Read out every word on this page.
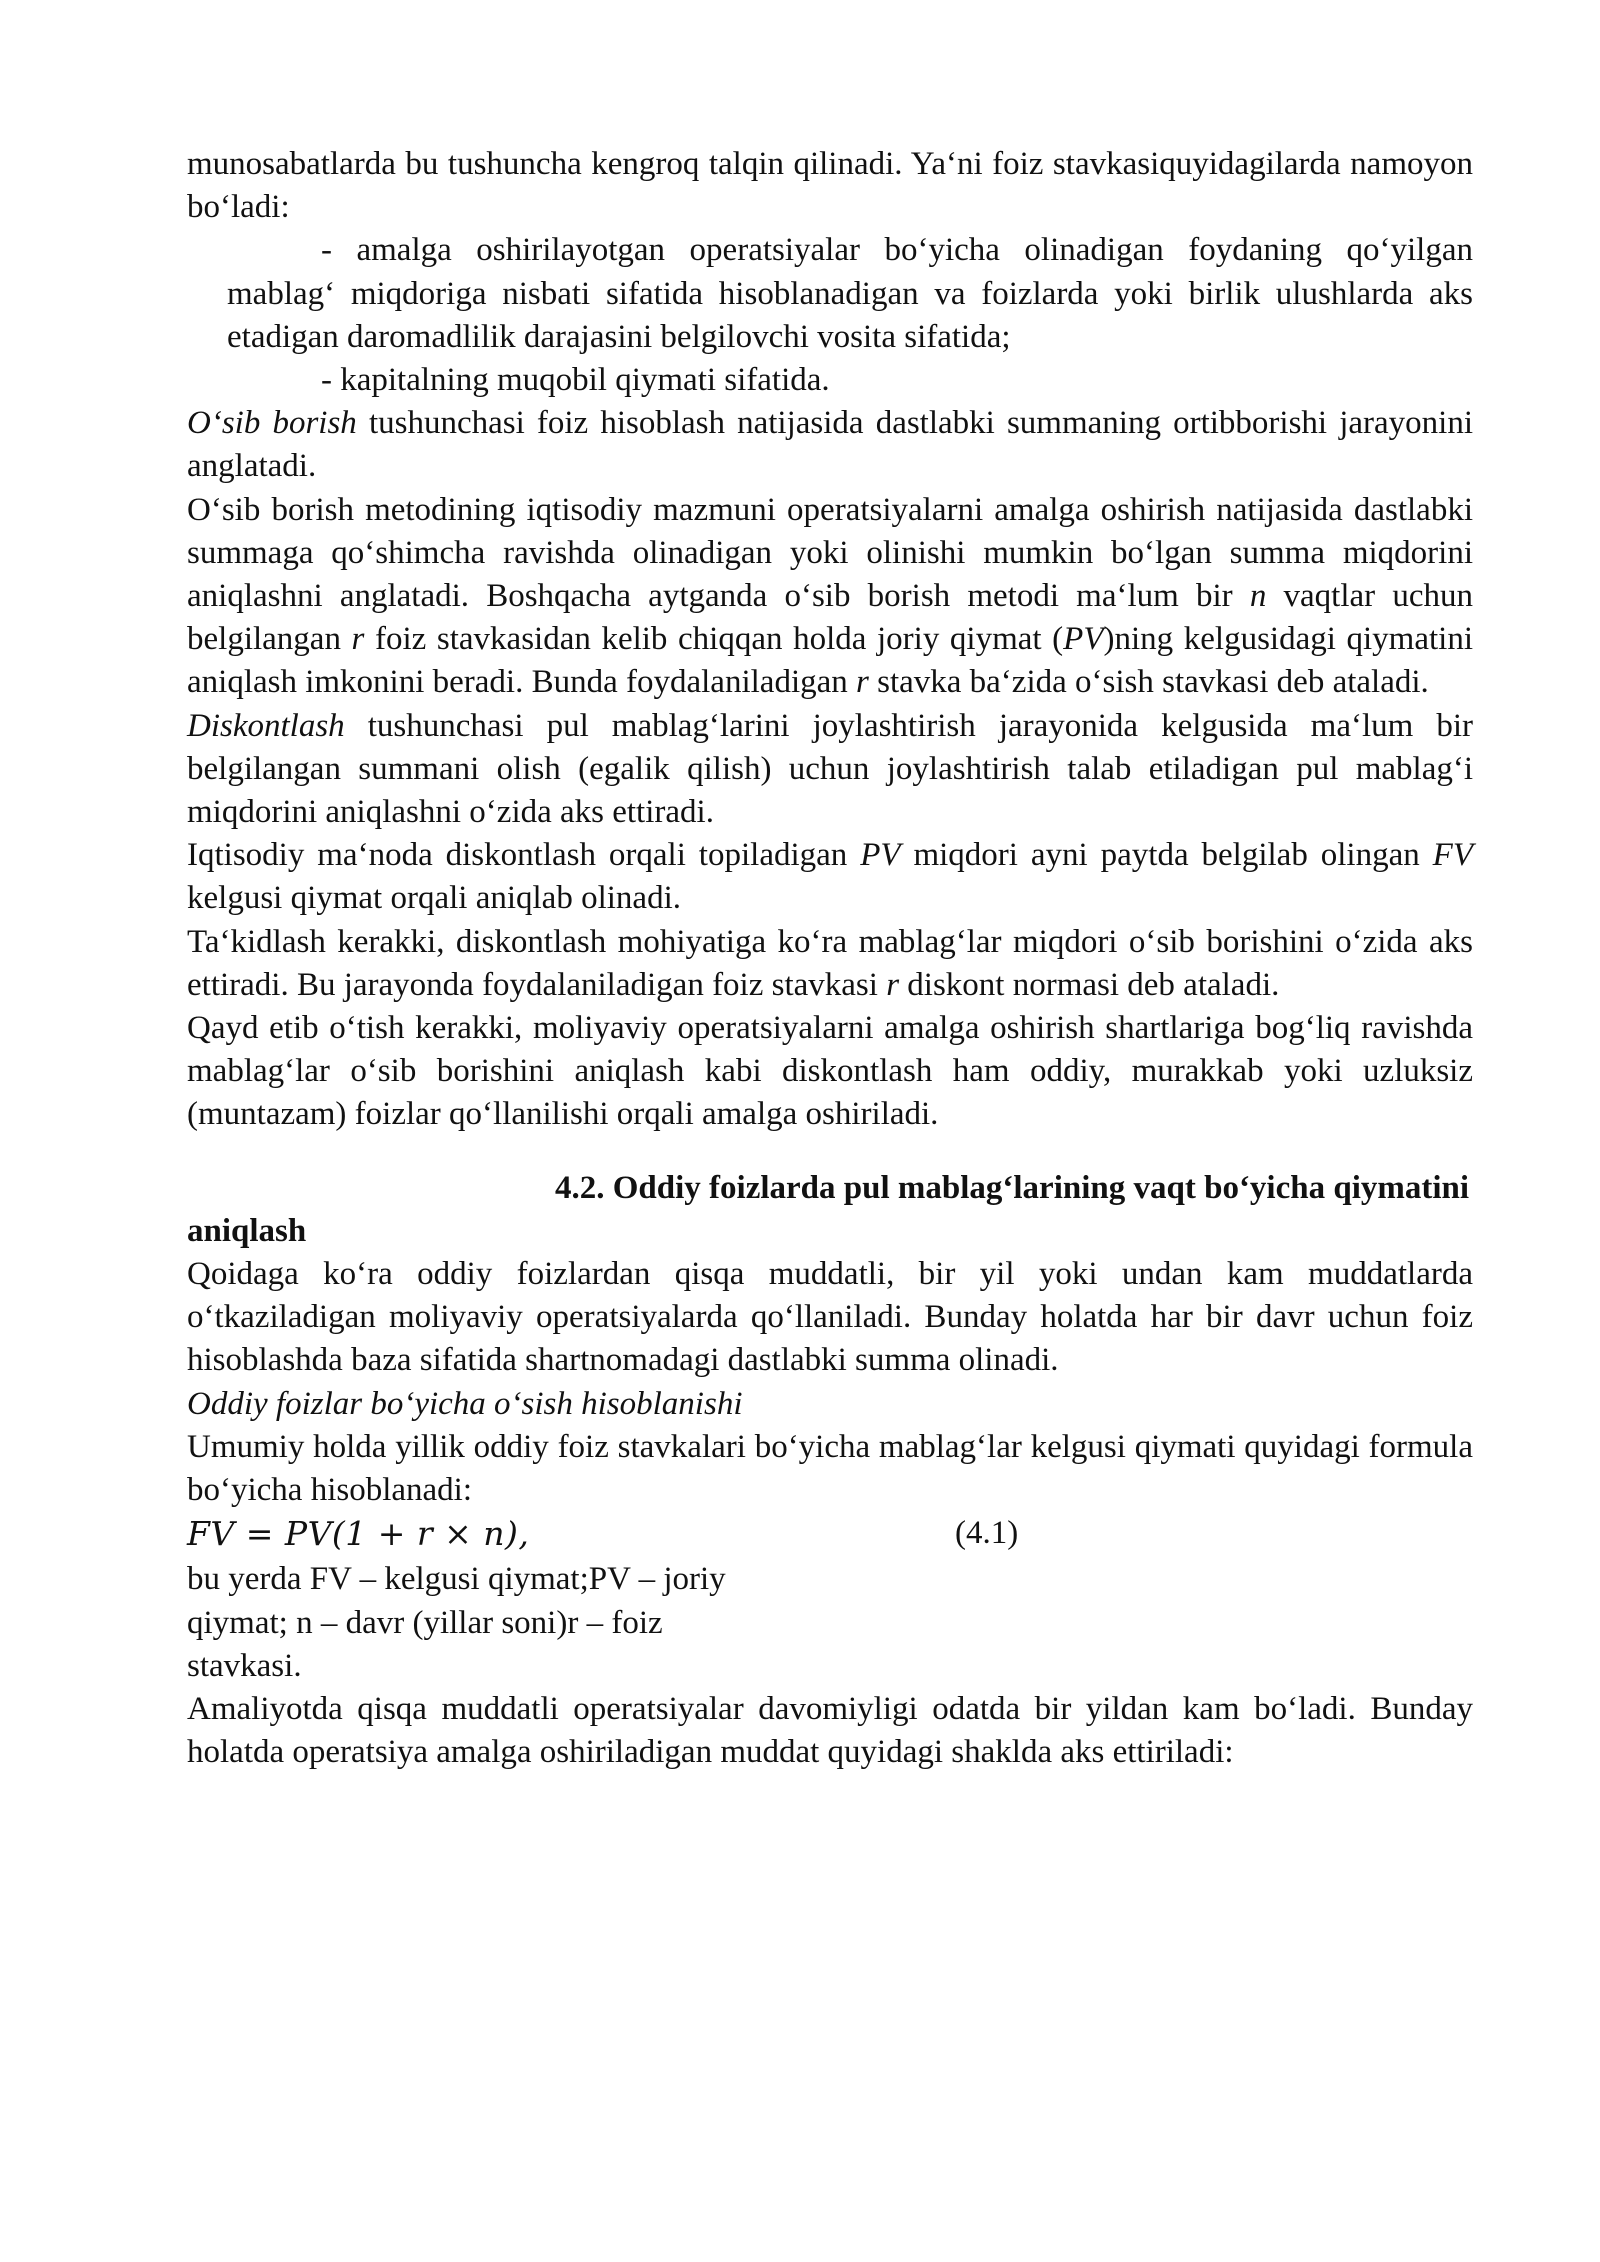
munosabatlarda bu tushuncha kengroq talqin qilinadi. Ya‘ni foiz stavkasiquyidagilarda namoyon bo‘ladi:

- amalga oshirilayotgan operatsiyalar bo‘yicha olinadigan foydaning qo‘yilgan mablag‘ miqdoriga nisbati sifatida hisoblanadigan va foizlarda yoki birlik ulushlarda aks etadigan daromadlilik darajasini belgilovchi vosita sifatida;

- kapitalning muqobil qiymati sifatida.

O‘sib borish tushunchasi foiz hisoblash natijasida dastlabki summaning ortibborishi jarayonini anglatadi.

O‘sib borish metodining iqtisodiy mazmuni operatsiyalarni amalga oshirish natijasida dastlabki summaga qo‘shimcha ravishda olinadigan yoki olinishi mumkin bo‘lgan summa miqdorini aniqlashni anglatadi. Boshqacha aytganda o‘sib borish metodi ma‘lum bir n vaqtlar uchun belgilangan r foiz stavkasidan kelib chiqqan holda joriy qiymat (PV)ning kelgusidagi qiymatini aniqlash imkonini beradi. Bunda foydalaniladigan r stavka ba‘zida o‘sish stavkasi deb ataladi.

Diskontlash tushunchasi pul mablag‘larini joylashtirish jarayonida kelgusida ma‘lum bir belgilangan summani olish (egalik qilish) uchun joylashtirish talab etiladigan pul mablag‘i miqdorini aniqlashni o‘zida aks ettiradi.

Iqtisodiy ma‘noda diskontlash orqali topiladigan PV miqdori ayni paytda belgilab olingan FV kelgusi qiymat orqali aniqlab olinadi.

Ta‘kidlash kerakki, diskontlash mohiyatiga ko‘ra mablag‘lar miqdori o‘sib borishini o‘zida aks ettiradi. Bu jarayonda foydalaniladigan foiz stavkasi r diskont normasi deb ataladi.

Qayd etib o‘tish kerakki, moliyaviy operatsiyalarni amalga oshirish shartlariga bog‘liq ravishda mablag‘lar o‘sib borishini aniqlash kabi diskontlash ham oddiy, murakkab yoki uzluksiz (muntazam) foizlar qo‘llanilishi orqali amalga oshiriladi.

4.2. Oddiy foizlarda pul mablag‘larining vaqt bo‘yicha qiymatini

aniqlash

Qoidaga ko‘ra oddiy foizlardan qisqa muddatli, bir yil yoki undan kam muddatlarda o‘tkaziladigan moliyaviy operatsiyalarda qo‘llaniladi. Bunday holatda har bir davr uchun foiz hisoblashda baza sifatida shartnomadagi dastlabki summa olinadi.

Oddiy foizlar bo‘yicha o‘sish hisoblanishi

Umumiy holda yillik oddiy foiz stavkalari bo‘yicha mablag‘lar kelgusi qiymati quyidagi formula bo‘yicha hisoblanadi:

FV = PV(1 + r × n),	(4.1)

bu yerda FV – kelgusi qiymat;PV – joriy qiymat; n – davr (yillar soni)r – foiz stavkasi.

Amaliyotda qisqa muddatli operatsiyalar davomiyligi odatda bir yildan kam bo‘ladi. Bunday holatda operatsiya amalga oshiriladigan muddat quyidagi shaklda aks ettiriladi:
